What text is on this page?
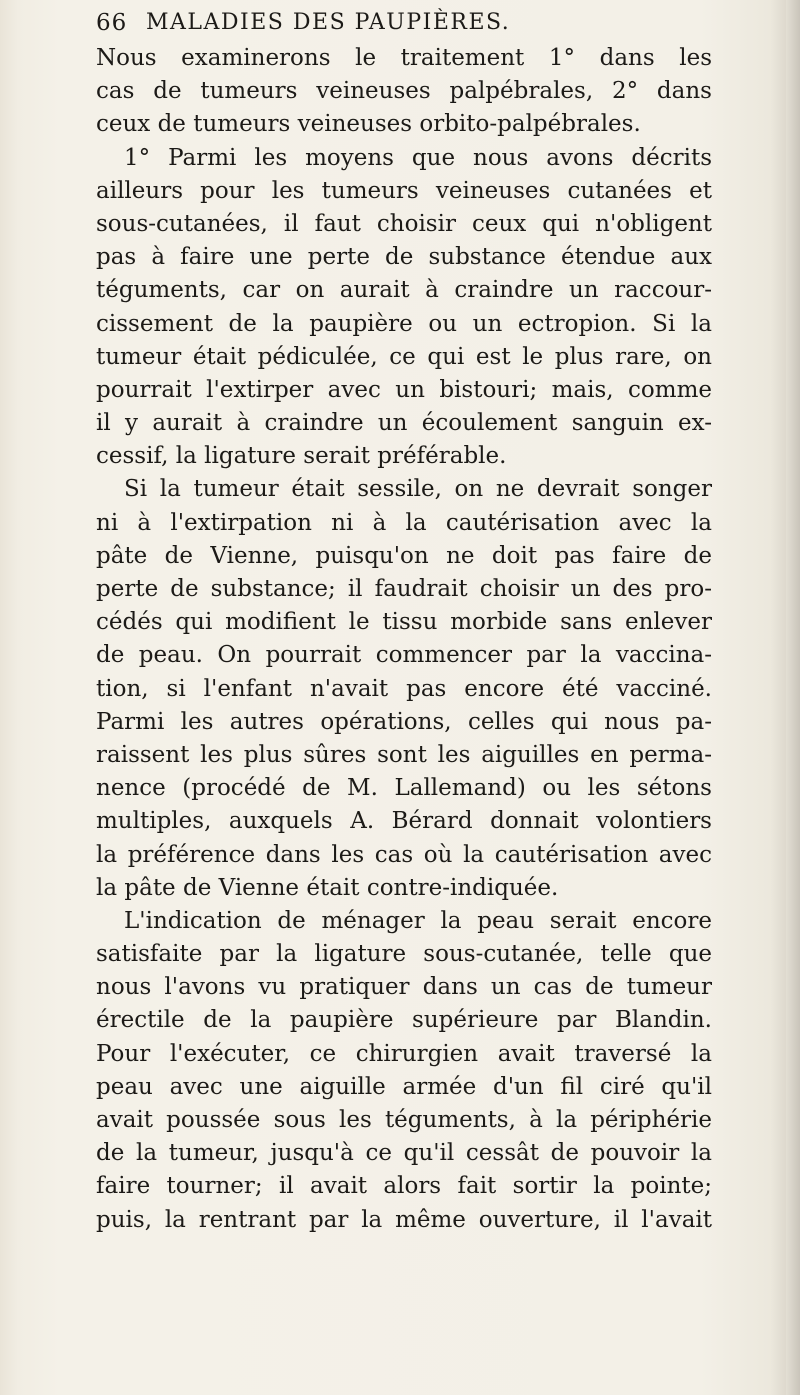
66 MALADIES DES PAUPIÈRES.
Nous examinerons le traitement 1° dans les
cas de tumeurs veineuses palpébrales, 2° dans
ceux de tumeurs veineuses orbito-palpébrales.
1° Parmi les moyens que nous avons décrits
ailleurs pour les tumeurs veineuses cutanées et
sous-cutanées, il faut choisir ceux qui n'obligent
pas à faire une perte de substance étendue aux
téguments, car on aurait à craindre un raccour-
cissement de la paupière ou un ectropion. Si la
tumeur était pédiculée, ce qui est le plus rare, on
pourrait l'extirper avec un bistouri; mais, comme
il y aurait à craindre un écoulement sanguin ex-
cessif, la ligature serait préférable.
Si la tumeur était sessile, on ne devrait songer
ni à l'extirpation ni à la cautérisation avec la
pâte de Vienne, puisqu'on ne doit pas faire de
perte de substance; il faudrait choisir un des pro-
cédés qui modifient le tissu morbide sans enlever
de peau. On pourrait commencer par la vaccina-
tion, si l'enfant n'avait pas encore été vacciné.
Parmi les autres opérations, celles qui nous pa-
raissent les plus sûres sont les aiguilles en perma-
nence (procédé de M. Lallemand) ou les sétons
multiples, auxquels A. Bérard donnait volontiers
la préférence dans les cas où la cautérisation avec
la pâte de Vienne était contre-indiquée.
L'indication de ménager la peau serait encore
satisfaite par la ligature sous-cutanée, telle que
nous l'avons vu pratiquer dans un cas de tumeur
érectile de la paupière supérieure par Blandin.
Pour l'exécuter, ce chirurgien avait traversé la
peau avec une aiguille armée d'un fil ciré qu'il
avait poussée sous les téguments, à la périphérie
de la tumeur, jusqu'à ce qu'il cessât de pouvoir la
faire tourner; il avait alors fait sortir la pointe;
puis, la rentrant par la même ouverture, il l'avait
